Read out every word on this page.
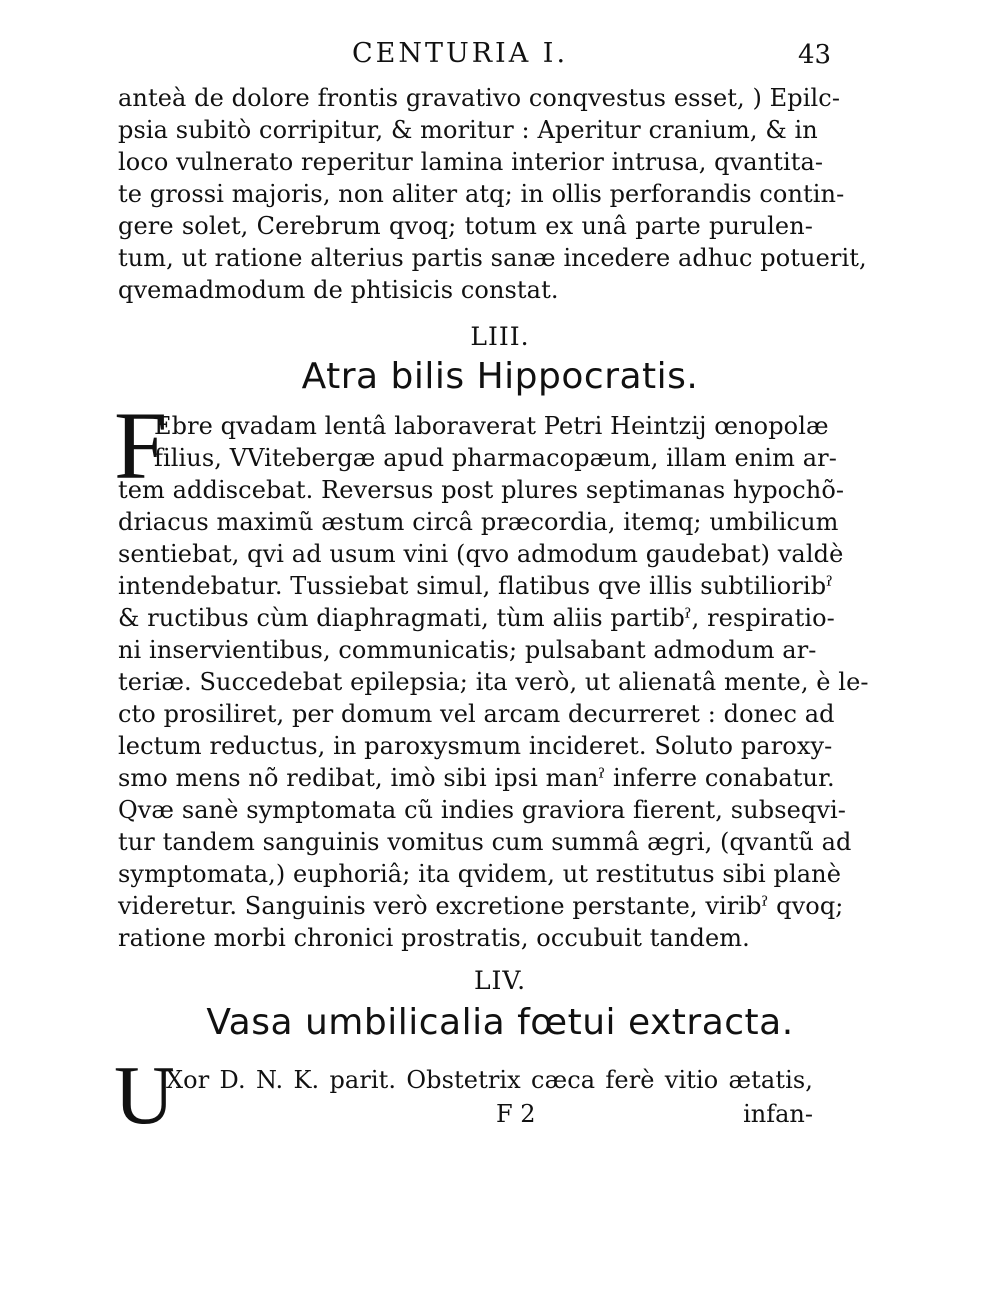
CENTURIA I.	43
anteà de dolore frontis gravativo conqvestus esset, ) Epilc-
psia subitò corripitur, & moritur : Aperitur cranium, & in
loco vulnerato reperitur lamina interior intrusa, qvantita-
te grossi majoris, non aliter atq; in ollis perforandis contin-
gere solet, Cerebrum qvoq; totum ex unâ parte purulen-
tum, ut ratione alterius partis sanæ incedere adhuc potuerit,
qvemadmodum de phtisicis constat.
LIII.
Atra bilis Hippocratis.
F
Ebre qvadam lentâ laboraverat Petri Heintzij œnopolæ
filius, VVitebergæ apud pharmacopæum, illam enim ar-
tem addiscebat. Reversus post plures septimanas hypochõ-
driacus maximũ æstum circâ præcordia, itemq; umbilicum
sentiebat, qvi ad usum vini (qvo admodum gaudebat) valdè
intendebatur. Tussiebat simul, flatibus qve illis subtilioribˀ
& ructibus cùm diaphragmati, tùm aliis partibˀ, respiratio-
ni inservientibus, communicatis; pulsabant admodum ar-
teriæ. Succedebat epilepsia; ita verò, ut alienatâ mente, è le-
cto prosiliret, per domum vel arcam decurreret : donec ad
lectum reductus, in paroxysmum incideret. Soluto paroxy-
smo mens nõ redibat, imò sibi ipsi manˀ inferre conabatur.
Qvæ sanè symptomata cũ indies graviora fierent, subseqvi-
tur tandem sanguinis vomitus cum summâ ægri, (qvantũ ad
symptomata,) euphoriâ; ita qvidem, ut restitutus sibi planè
videretur. Sanguinis verò excretione perstante, viribˀ qvoq;
ratione morbi chronici prostratis, occubuit tandem.
LIV.
Vasa umbilicalia fœtui extracta.
U
Xor D. N. K. parit. Obstetrix cæca ferè vitio ætatis,
F 2	infan-
